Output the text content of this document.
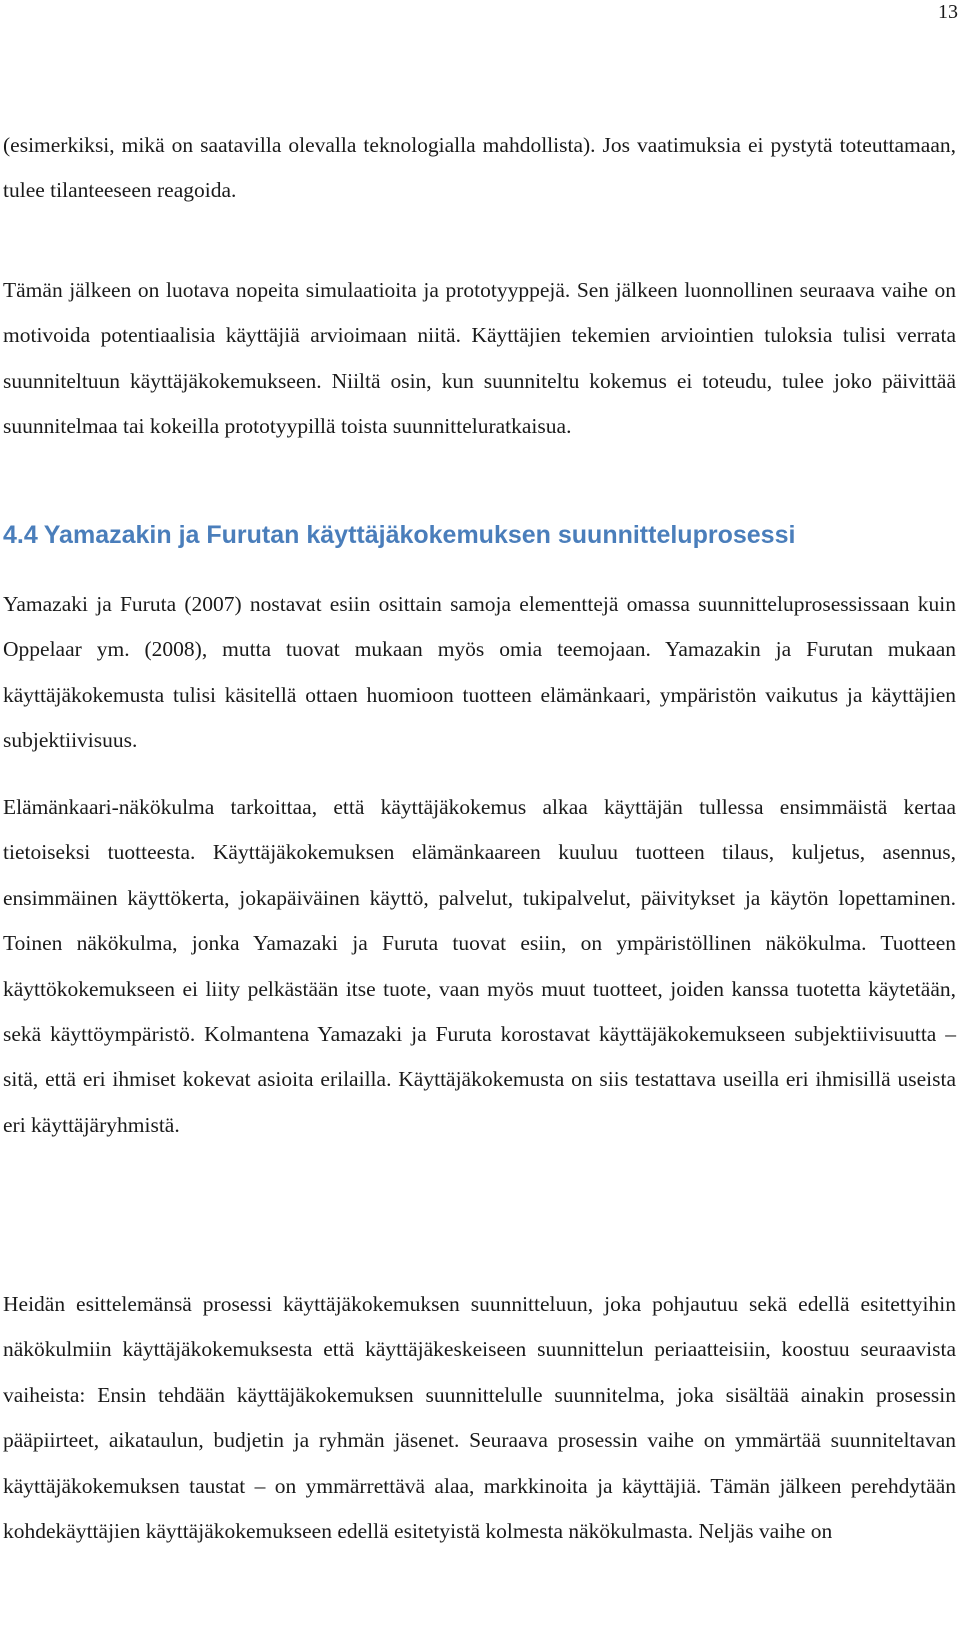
13

(esimerkiksi, mikä on saatavilla olevalla teknologialla mahdollista). Jos vaatimuksia ei pystytä toteuttamaan, tulee tilanteeseen reagoida.

Tämän jälkeen on luotava nopeita simulaatioita ja prototyyppejä. Sen jälkeen luonnollinen seuraava vaihe on motivoida potentiaalisia käyttäjiä arvioimaan niitä. Käyttäjien tekemien arviointien tuloksia tulisi verrata suunniteltuun käyttäjäkokemukseen. Niiltä osin, kun suunniteltu kokemus ei toteudu, tulee joko päivittää suunnitelmaa tai kokeilla prototyypillä toista suunnitteluratkaisua.

4.4 Yamazakin ja Furutan käyttäjäkokemuksen suunnitteluprosessi

Yamazaki ja Furuta (2007) nostavat esiin osittain samoja elementtejä omassa suunnitteluprosessissaan kuin Oppelaar ym. (2008), mutta tuovat mukaan myös omia teemojaan. Yamazakin ja Furutan mukaan käyttäjäkokemusta tulisi käsitellä ottaen huomioon tuotteen elämänkaari, ympäristön vaikutus ja käyttäjien subjektiivisuus.

Elämänkaari-näkökulma tarkoittaa, että käyttäjäkokemus alkaa käyttäjän tullessa ensimmäistä kertaa tietoiseksi tuotteesta. Käyttäjäkokemuksen elämänkaareen kuuluu tuotteen tilaus, kuljetus, asennus, ensimmäinen käyttökerta, jokapäiväinen käyttö, palvelut, tukipalvelut, päivitykset ja käytön lopettaminen. Toinen näkökulma, jonka Yamazaki ja Furuta tuovat esiin, on ympäristöllinen näkökulma. Tuotteen käyttökokemukseen ei liity pelkästään itse tuote, vaan myös muut tuotteet, joiden kanssa tuotetta käytetään, sekä käyttöympäristö. Kolmantena Yamazaki ja Furuta korostavat käyttäjäkokemukseen subjektiivisuutta – sitä, että eri ihmiset kokevat asioita erilailla. Käyttäjäkokemusta on siis testattava useilla eri ihmisillä useista eri käyttäjäryhmistä.

Heidän esittelemänsä prosessi käyttäjäkokemuksen suunnitteluun, joka pohjautuu sekä edellä esitettyihin näkökulmiin käyttäjäkokemuksesta että käyttäjäkeskeiseen suunnittelun periaatteisiin, koostuu seuraavista vaiheista: Ensin tehdään käyttäjäkokemuksen suunnittelulle suunnitelma, joka sisältää ainakin prosessin pääpiirteet, aikataulun, budjetin ja ryhmän jäsenet. Seuraava prosessin vaihe on ymmärtää suunniteltavan käyttäjäkokemuksen taustat – on ymmärrettävä alaa, markkinoita ja käyttäjiä. Tämän jälkeen perehdytään kohdekäyttäjien käyttäjäkokemukseen edellä esitetyistä kolmesta näkökulmasta. Neljäs vaihe on
